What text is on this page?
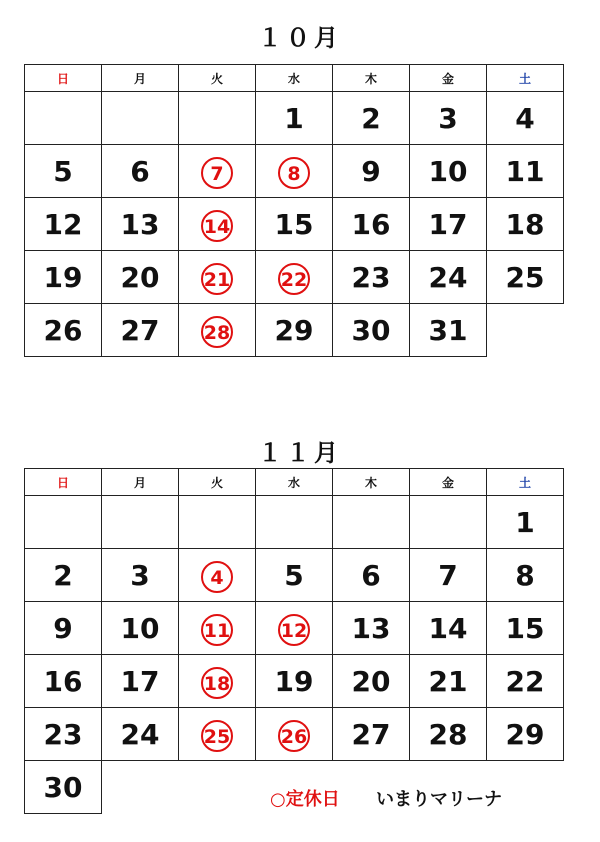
１０月
日	月	火	水	木	金	土
			1	2	3	4
5	6	7	8	9	10	11
12	13	14	15	16	17	18
19	20	21	22	23	24	25
26	27	28	29	30	31	
１１月
日	月	火	水	木	金	土
						1
2	3	4	5	6	7	8
9	10	11	12	13	14	15
16	17	18	19	20	21	22
23	24	25	26	27	28	29
30							○定休日 いまりマリーナ
